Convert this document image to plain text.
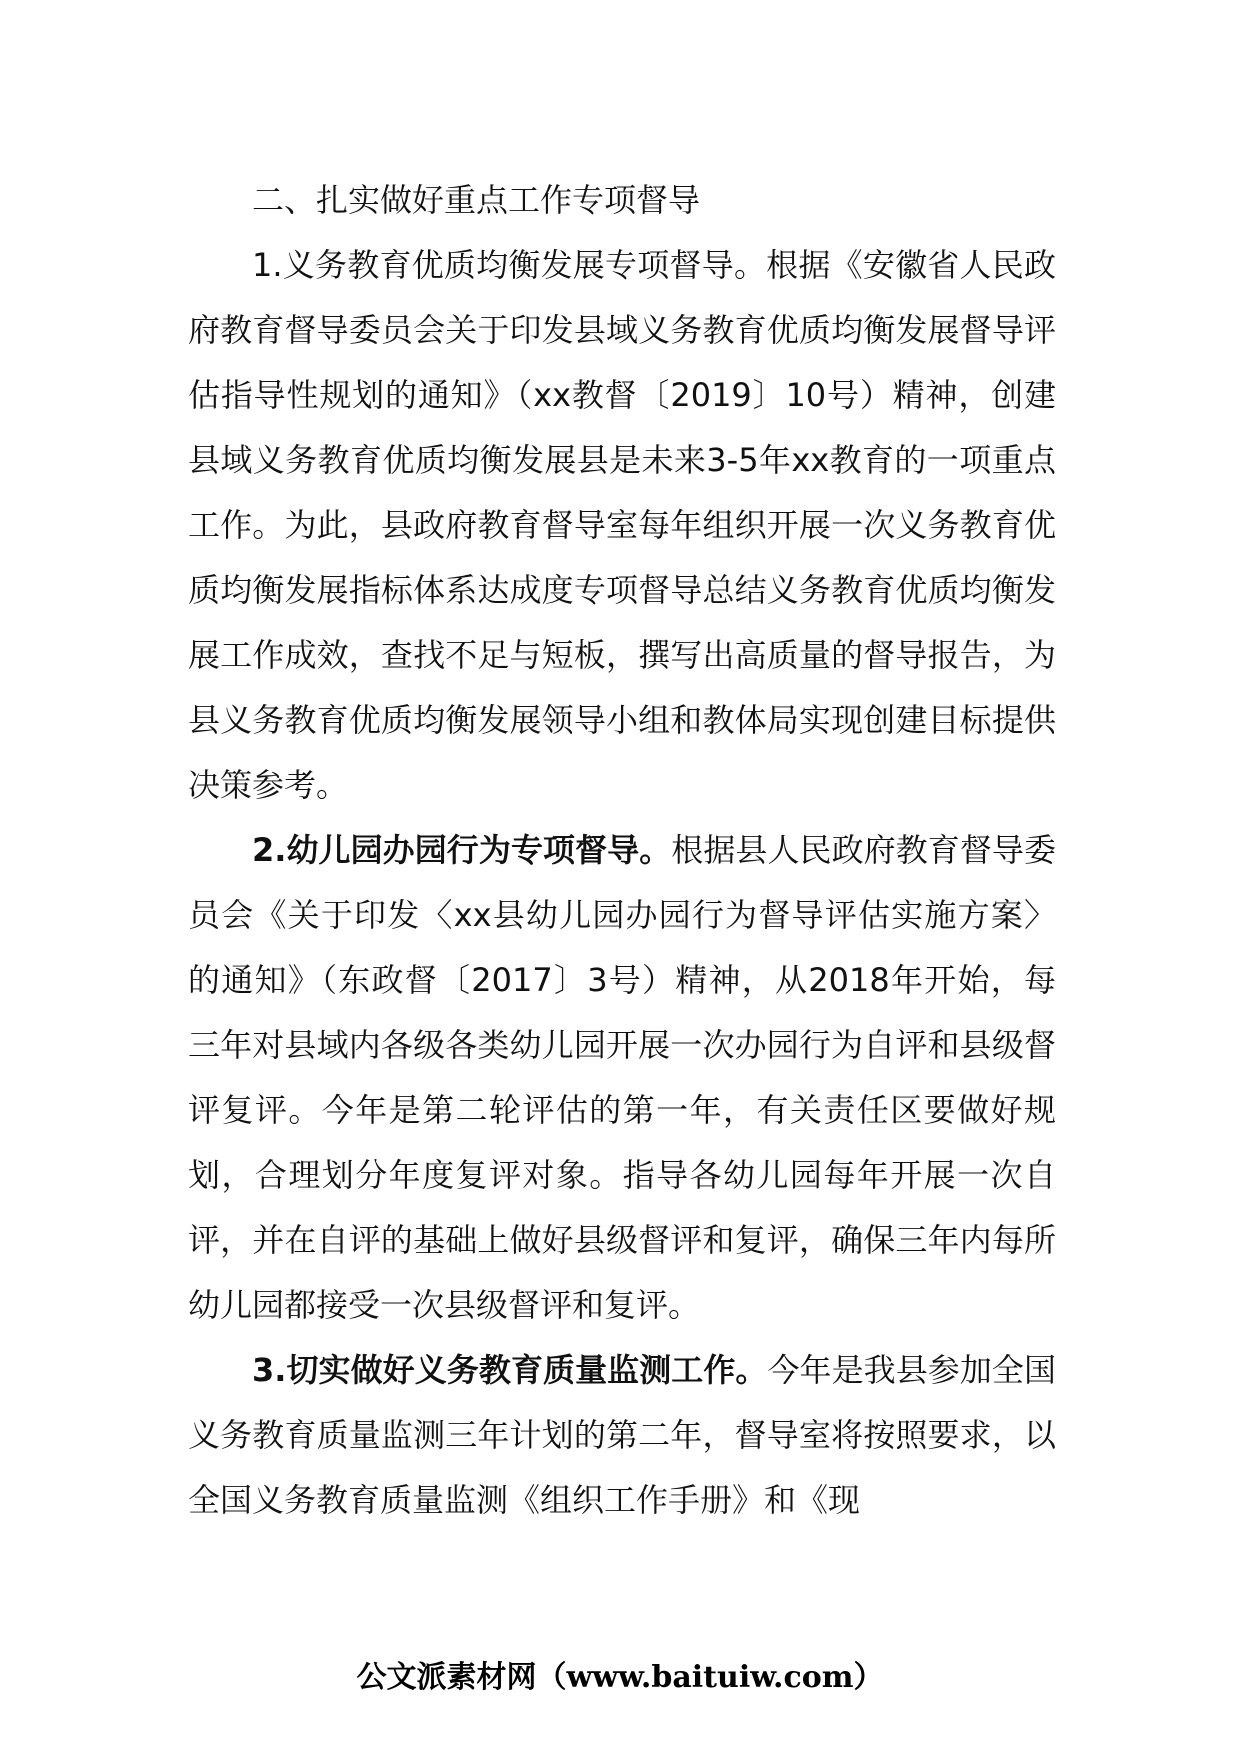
二、扎实做好重点工作专项督导

1.义务教育优质均衡发展专项督导。根据《安徽省人民政府教育督导委员会关于印发县域义务教育优质均衡发展督导评估指导性规划的通知》（xx教督〔2019〕10号）精神，创建县域义务教育优质均衡发展县是未来3-5年xx教育的一项重点工作。为此，县政府教育督导室每年组织开展一次义务教育优质均衡发展指标体系达成度专项督导总结义务教育优质均衡发展工作成效，查找不足与短板，撰写出高质量的督导报告，为县义务教育优质均衡发展领导小组和教体局实现创建目标提供决策参考。

2.幼儿园办园行为专项督导。根据县人民政府教育督导委员会《关于印发〈xx县幼儿园办园行为督导评估实施方案〉的通知》（东政督〔2017〕3号）精神，从2018年开始，每三年对县域内各级各类幼儿园开展一次办园行为自评和县级督评复评。今年是第二轮评估的第一年，有关责任区要做好规划，合理划分年度复评对象。指导各幼儿园每年开展一次自评，并在自评的基础上做好县级督评和复评，确保三年内每所幼儿园都接受一次县级督评和复评。

3.切实做好义务教育质量监测工作。今年是我县参加全国义务教育质量监测三年计划的第二年，督导室将按照要求，以全国义务教育质量监测《组织工作手册》和《现

公文派素材网（www.baituiw.com）
